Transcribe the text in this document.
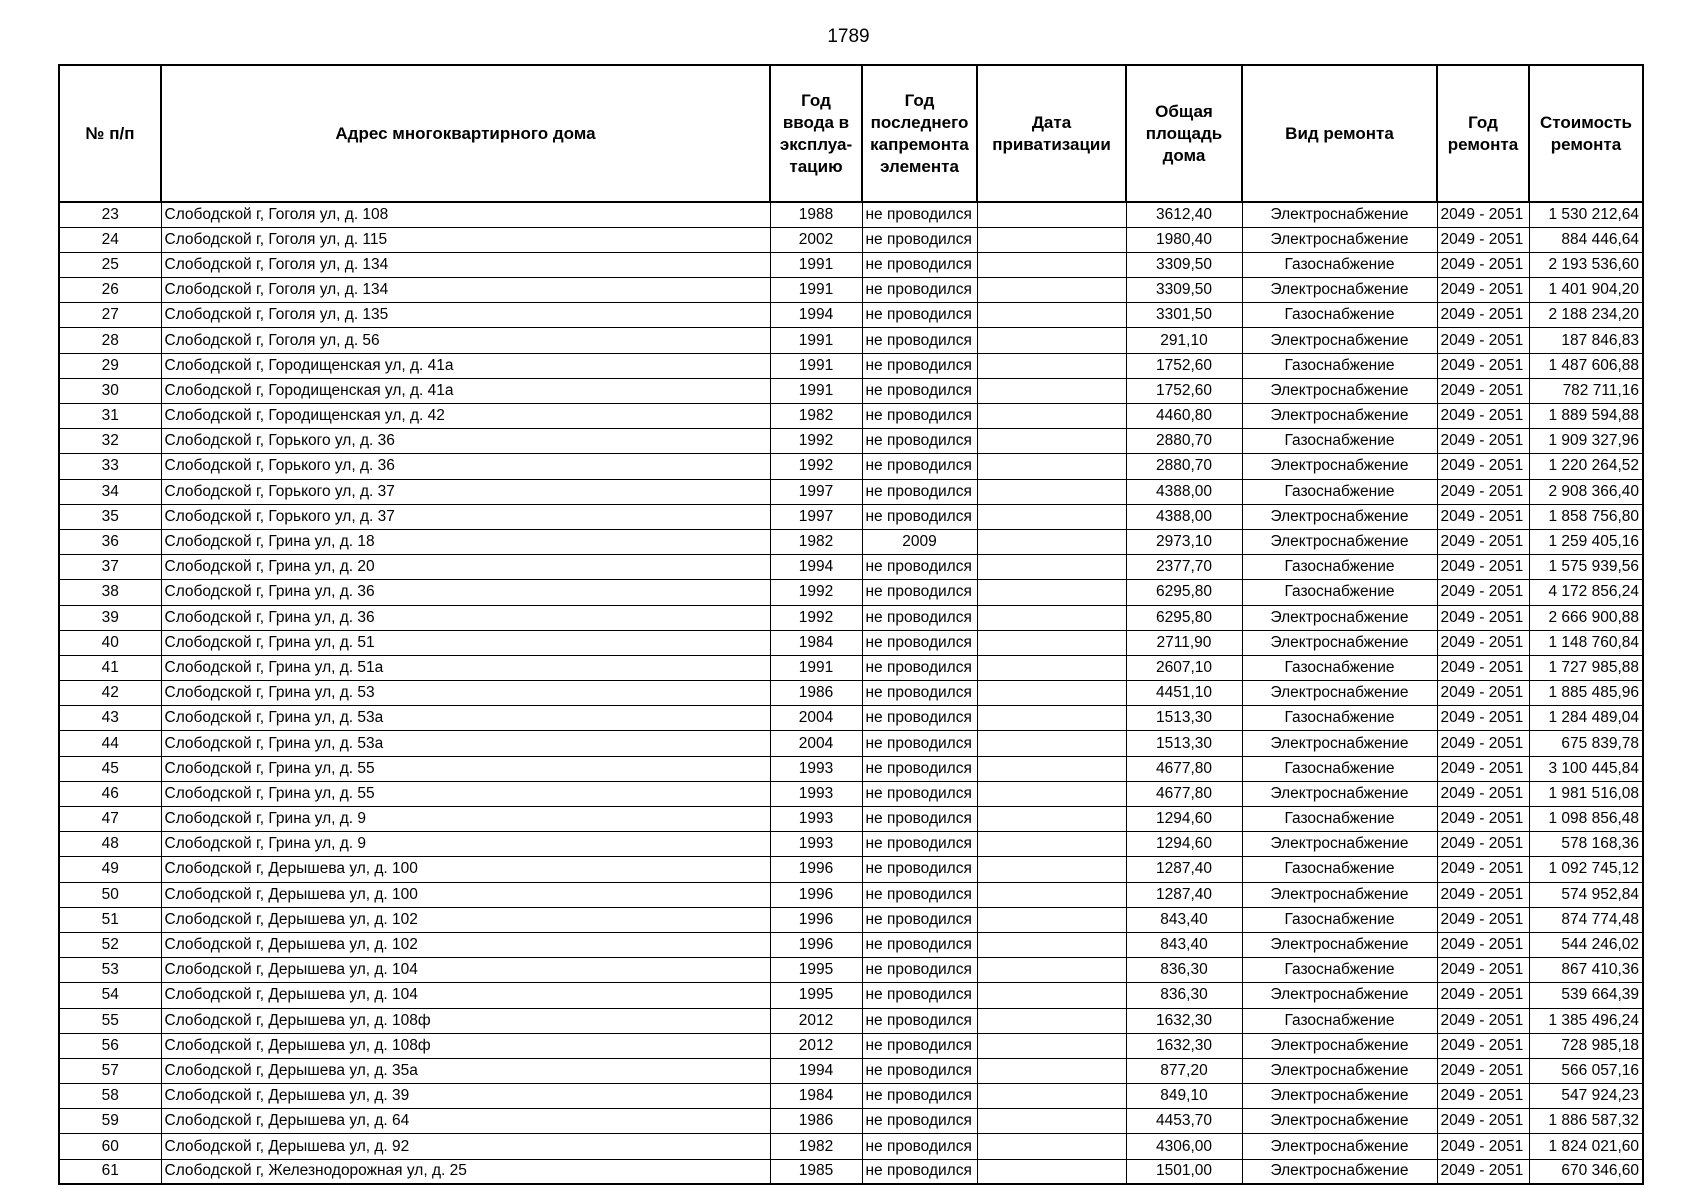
1789
№ п/п	Адрес многоквартирного дома	Год ввода в эксплуа-тацию	Год последнего капремонта элемента	Дата приватизации	Общая площадь дома	Вид ремонта	Год ремонта	Стоимость ремонта
23	Слободской г, Гоголя ул, д. 108	1988	не проводился		3612,40	Электроснабжение	2049 - 2051	1 530 212,64
24	Слободской г, Гоголя ул, д. 115	2002	не проводился		1980,40	Электроснабжение	2049 - 2051	884 446,64
25	Слободской г, Гоголя ул, д. 134	1991	не проводился		3309,50	Газоснабжение	2049 - 2051	2 193 536,60
26	Слободской г, Гоголя ул, д. 134	1991	не проводился		3309,50	Электроснабжение	2049 - 2051	1 401 904,20
27	Слободской г, Гоголя ул, д. 135	1994	не проводился		3301,50	Газоснабжение	2049 - 2051	2 188 234,20
28	Слободской г, Гоголя ул, д. 56	1991	не проводился		291,10	Электроснабжение	2049 - 2051	187 846,83
29	Слободской г, Городищенская ул, д. 41а	1991	не проводился		1752,60	Газоснабжение	2049 - 2051	1 487 606,88
30	Слободской г, Городищенская ул, д. 41а	1991	не проводился		1752,60	Электроснабжение	2049 - 2051	782 711,16
31	Слободской г, Городищенская ул, д. 42	1982	не проводился		4460,80	Электроснабжение	2049 - 2051	1 889 594,88
32	Слободской г, Горького ул, д. 36	1992	не проводился		2880,70	Газоснабжение	2049 - 2051	1 909 327,96
33	Слободской г, Горького ул, д. 36	1992	не проводился		2880,70	Электроснабжение	2049 - 2051	1 220 264,52
34	Слободской г, Горького ул, д. 37	1997	не проводился		4388,00	Газоснабжение	2049 - 2051	2 908 366,40
35	Слободской г, Горького ул, д. 37	1997	не проводился		4388,00	Электроснабжение	2049 - 2051	1 858 756,80
36	Слободской г, Грина ул, д. 18	1982	2009		2973,10	Электроснабжение	2049 - 2051	1 259 405,16
37	Слободской г, Грина ул, д. 20	1994	не проводился		2377,70	Газоснабжение	2049 - 2051	1 575 939,56
38	Слободской г, Грина ул, д. 36	1992	не проводился		6295,80	Газоснабжение	2049 - 2051	4 172 856,24
39	Слободской г, Грина ул, д. 36	1992	не проводился		6295,80	Электроснабжение	2049 - 2051	2 666 900,88
40	Слободской г, Грина ул, д. 51	1984	не проводился		2711,90	Электроснабжение	2049 - 2051	1 148 760,84
41	Слободской г, Грина ул, д. 51а	1991	не проводился		2607,10	Газоснабжение	2049 - 2051	1 727 985,88
42	Слободской г, Грина ул, д. 53	1986	не проводился		4451,10	Электроснабжение	2049 - 2051	1 885 485,96
43	Слободской г, Грина ул, д. 53а	2004	не проводился		1513,30	Газоснабжение	2049 - 2051	1 284 489,04
44	Слободской г, Грина ул, д. 53а	2004	не проводился		1513,30	Электроснабжение	2049 - 2051	675 839,78
45	Слободской г, Грина ул, д. 55	1993	не проводился		4677,80	Газоснабжение	2049 - 2051	3 100 445,84
46	Слободской г, Грина ул, д. 55	1993	не проводился		4677,80	Электроснабжение	2049 - 2051	1 981 516,08
47	Слободской г, Грина ул, д. 9	1993	не проводился		1294,60	Газоснабжение	2049 - 2051	1 098 856,48
48	Слободской г, Грина ул, д. 9	1993	не проводился		1294,60	Электроснабжение	2049 - 2051	578 168,36
49	Слободской г, Дерышева ул, д. 100	1996	не проводился		1287,40	Газоснабжение	2049 - 2051	1 092 745,12
50	Слободской г, Дерышева ул, д. 100	1996	не проводился		1287,40	Электроснабжение	2049 - 2051	574 952,84
51	Слободской г, Дерышева ул, д. 102	1996	не проводился		843,40	Газоснабжение	2049 - 2051	874 774,48
52	Слободской г, Дерышева ул, д. 102	1996	не проводился		843,40	Электроснабжение	2049 - 2051	544 246,02
53	Слободской г, Дерышева ул, д. 104	1995	не проводился		836,30	Газоснабжение	2049 - 2051	867 410,36
54	Слободской г, Дерышева ул, д. 104	1995	не проводился		836,30	Электроснабжение	2049 - 2051	539 664,39
55	Слободской г, Дерышева ул, д. 108ф	2012	не проводился		1632,30	Газоснабжение	2049 - 2051	1 385 496,24
56	Слободской г, Дерышева ул, д. 108ф	2012	не проводился		1632,30	Электроснабжение	2049 - 2051	728 985,18
57	Слободской г, Дерышева ул, д. 35а	1994	не проводился		877,20	Электроснабжение	2049 - 2051	566 057,16
58	Слободской г, Дерышева ул, д. 39	1984	не проводился		849,10	Электроснабжение	2049 - 2051	547 924,23
59	Слободской г, Дерышева ул, д. 64	1986	не проводился		4453,70	Электроснабжение	2049 - 2051	1 886 587,32
60	Слободской г, Дерышева ул, д. 92	1982	не проводился		4306,00	Электроснабжение	2049 - 2051	1 824 021,60
61	Слободской г, Железнодорожная ул, д. 25	1985	не проводился		1501,00	Электроснабжение	2049 - 2051	670 346,60
